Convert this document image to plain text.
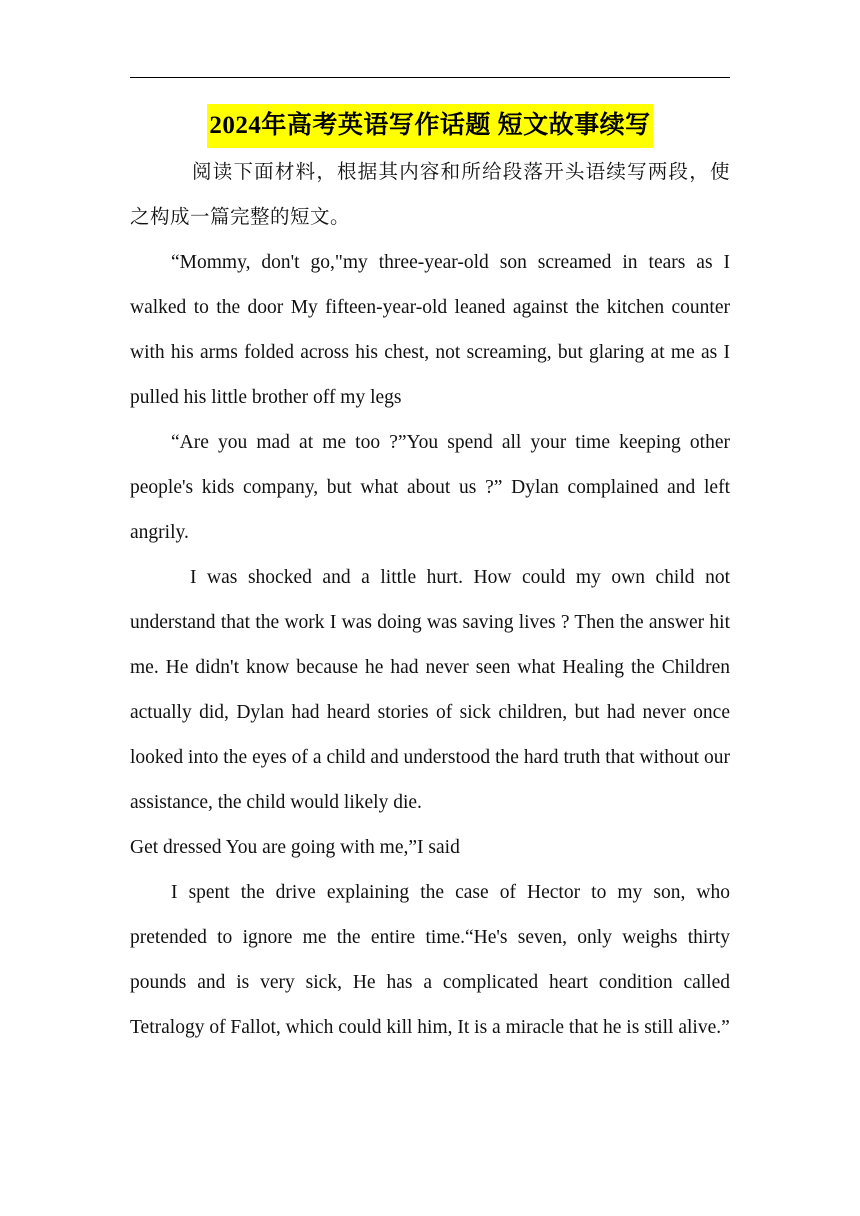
2024年高考英语写作话题 短文故事续写

阅读下面材料，根据其内容和所给段落开头语续写两段，使之构成一篇完整的短文。

“Mommy, don't go,"my three-year-old son screamed in tears as I walked to the door My fifteen-year-old leaned against the kitchen counter with his arms folded across his chest, not screaming, but glaring at me as I pulled his little brother off my legs

“Are you mad at me too ?”You spend all your time keeping other people's kids company, but what about us ?” Dylan complained and left angrily.

I was shocked and a little hurt. How could my own child not understand that the work I was doing was saving lives ? Then the answer hit me. He didn't know because he had never seen what Healing the Children actually did, Dylan had heard stories of sick children, but had never once looked into the eyes of a child and understood the hard truth that without our assistance, the child would likely die.

Get dressed You are going with me,”I said

I spent the drive explaining the case of Hector to my son, who pretended to ignore me the entire time.“He's seven, only weighs thirty pounds and is very sick, He has a complicated heart condition called Tetralogy of Fallot, which could kill him, It is a miracle that he is still alive.”
